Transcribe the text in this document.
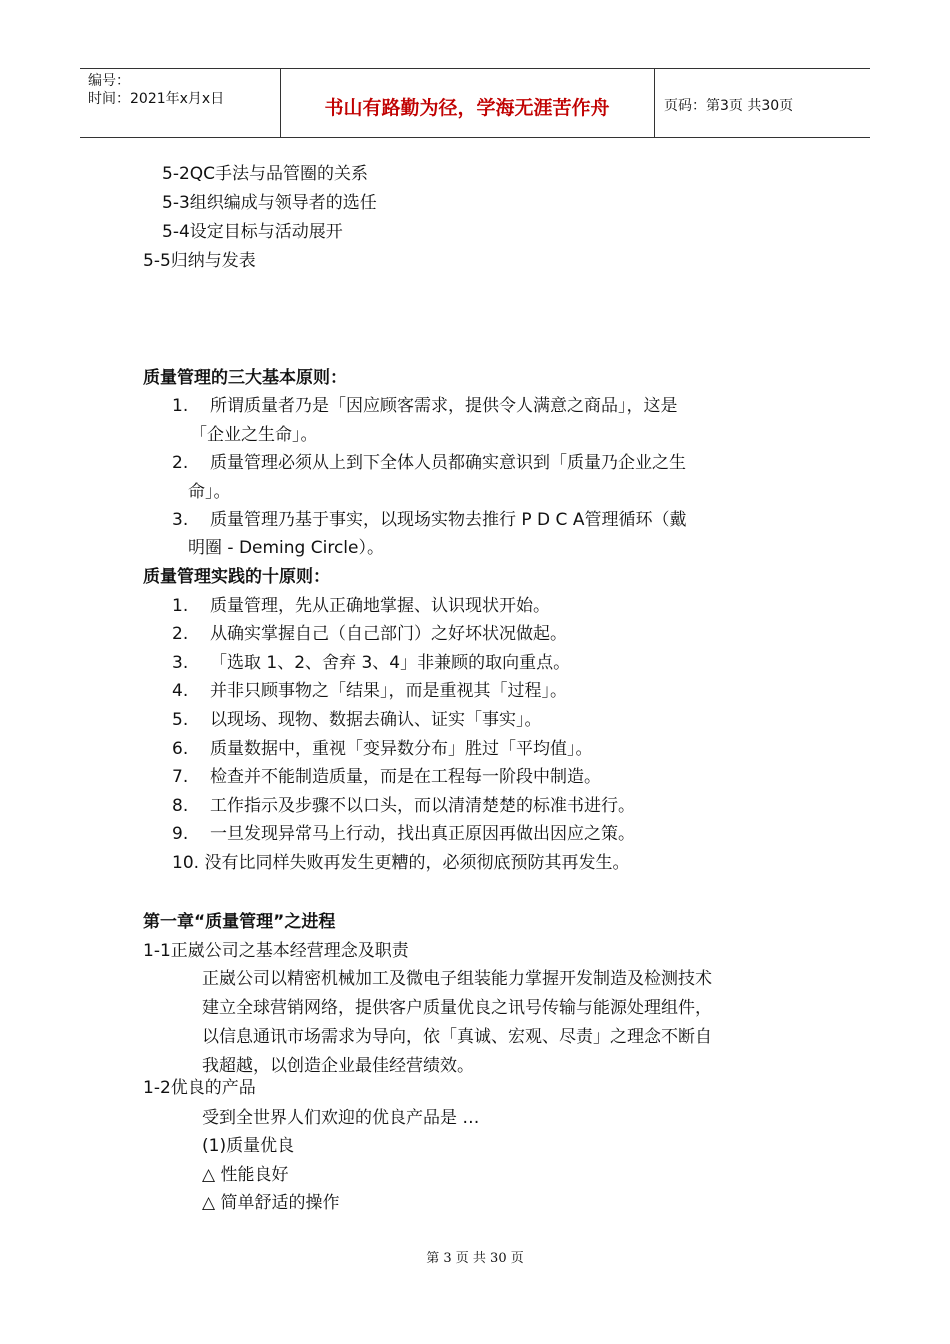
编号：
时间：2021年x月x日	书山有路勤为径，学海无涯苦作舟	页码：第3页 共30页
5-2QC手法与品管圈的关系
5-3组织编成与领导者的选任
5-4设定目标与活动展开
5-5归纳与发表
质量管理的三大基本原则：
1. 所谓质量者乃是「因应顾客需求，提供令人满意之商品」，这是
「企业之生命」。
2. 质量管理必须从上到下全体人员都确实意识到「质量乃企业之生
命」。
3. 质量管理乃基于事实，以现场实物去推行 P D C A管理循环（戴
明圈 - Deming Circle）。
质量管理实践的十原则：
1. 质量管理，先从正确地掌握、认识现状开始。
2. 从确实掌握自己（自己部门）之好坏状况做起。
3. 「选取 1、2、舍弃 3、4」非兼顾的取向重点。
4. 并非只顾事物之「结果」，而是重视其「过程」。
5. 以现场、现物、数据去确认、证实「事实」。
6. 质量数据中，重视「变异数分布」胜过「平均值」。
7. 检查并不能制造质量，而是在工程每一阶段中制造。
8. 工作指示及步骤不以口头，而以清清楚楚的标准书进行。
9. 一旦发现异常马上行动，找出真正原因再做出因应之策。
10. 没有比同样失败再发生更糟的，必须彻底预防其再发生。
第一章“质量管理”之进程
1-1正崴公司之基本经营理念及职责
正崴公司以精密机械加工及微电子组装能力掌握开发制造及检测技术
建立全球营销网络，提供客户质量优良之讯号传输与能源处理组件，
以信息通讯市场需求为导向，依「真诚、宏观、尽责」之理念不断自
我超越，以创造企业最佳经营绩效。
1-2优良的产品
受到全世界人们欢迎的优良产品是 …
(1)质量优良
△ 性能良好
△ 简单舒适的操作
第 3 页 共 30 页
